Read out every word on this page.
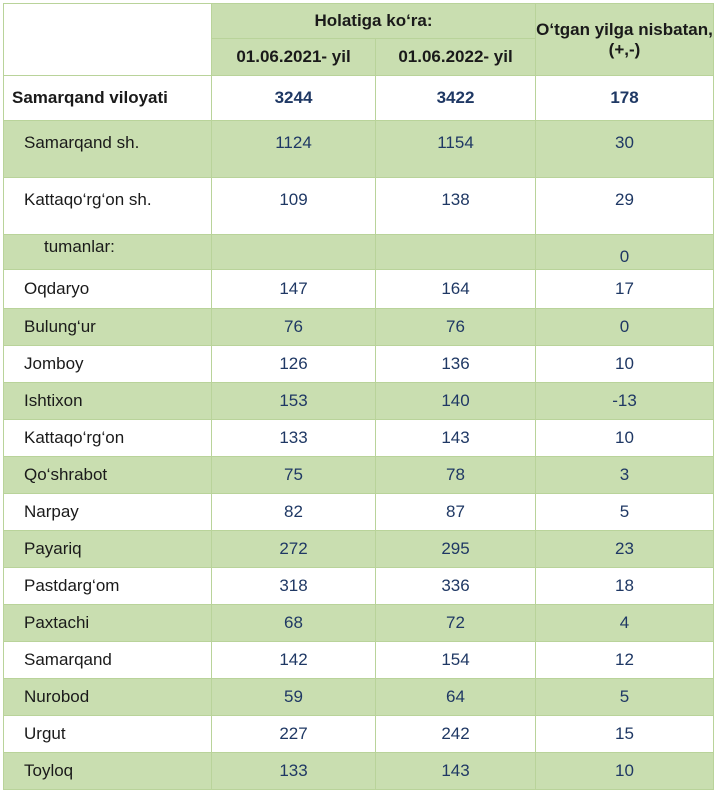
	Holatiga ko‘ra:		O‘tgan yilga nisbatan, (+,-)
	01.06.2021- yil	01.06.2022- yil	
Samarqand viloyati	3244	3422	178
Samarqand sh.	1124	1154	30
Kattaqo‘rg‘on sh.	109	138	29
tumanlar:			0
Oqdaryo	147	164	17
Bulung‘ur	76	76	0
Jomboy	126	136	10
Ishtixon	153	140	-13
Kattaqo‘rg‘on	133	143	10
Qo‘shrabot	75	78	3
Narpay	82	87	5
Payariq	272	295	23
Pastdarg‘om	318	336	18
Paxtachi	68	72	4
Samarqand	142	154	12
Nurobod	59	64	5
Urgut	227	242	15
Toyloq	133	143	10
